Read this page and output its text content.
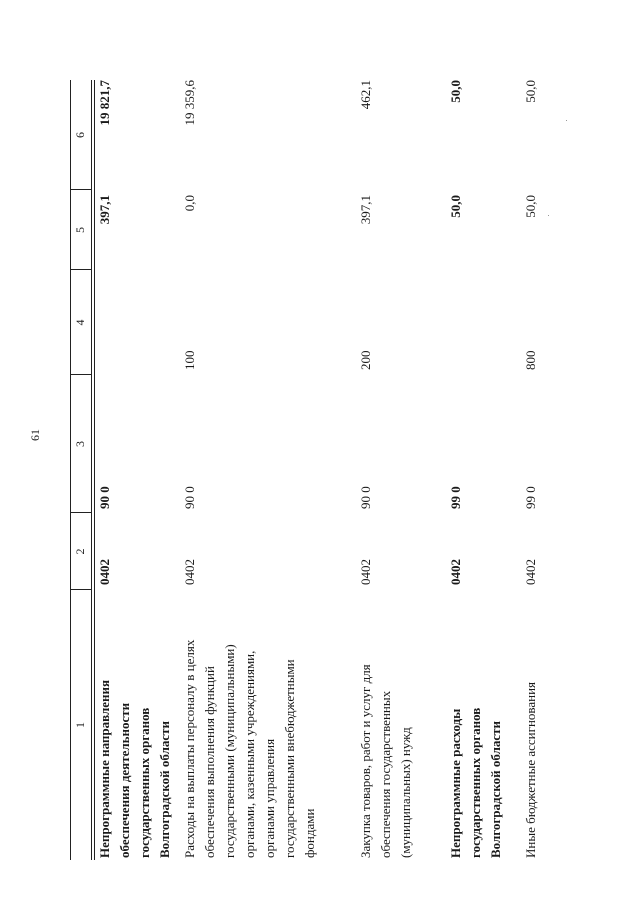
61
1
2
3
4
5
6
Непрограммные направления обеспечения деятельности государственных органов Волгоградской области
0402
90 0
397,1
19 821,7
Расходы на выплаты персоналу в целях обеспечения выполнения функций государственными (муниципальными) органами, казенными учреждениями, органами управления государственными внебюджетными фондами
0402
90 0
100
0,0
19 359,6
Закупка товаров, работ и услуг для обеспечения государственных (муниципальных) нужд
0402
90 0
200
397,1
462,1
Непрограммные расходы государственных органов Волгоградской области
0402
99 0
50,0
50,0
Иные бюджетные ассигнования
0402
99 0
800
50,0
50,0
